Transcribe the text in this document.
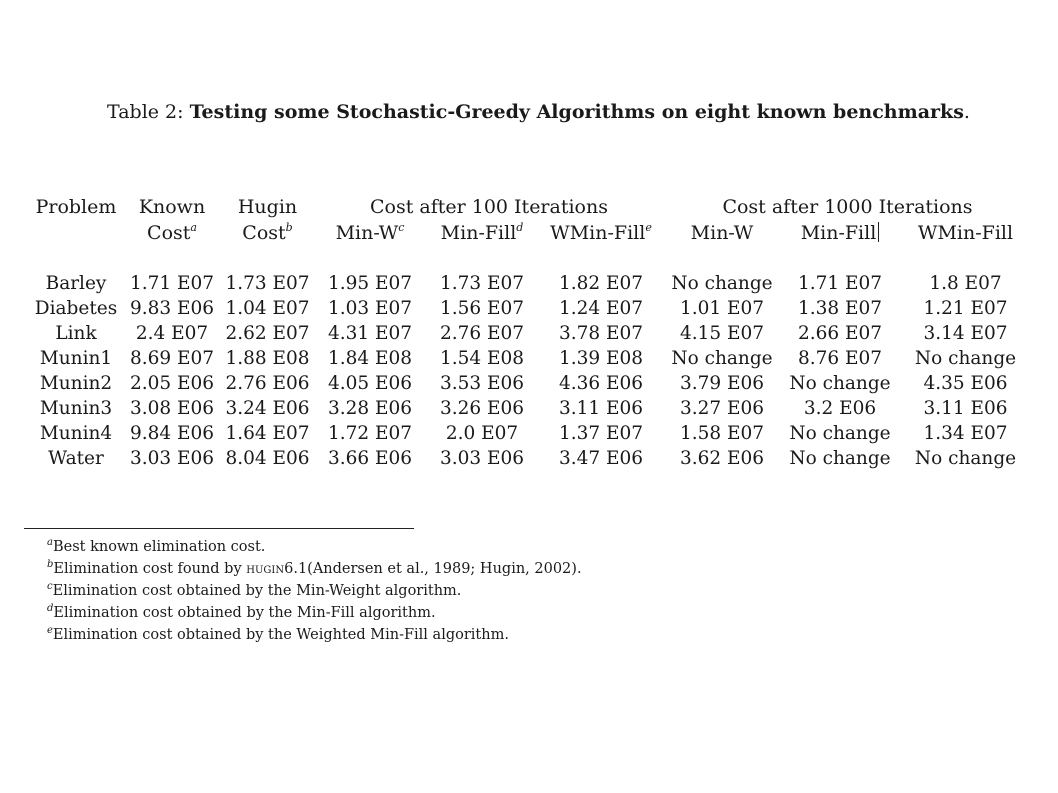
Table 2: Testing some Stochastic-Greedy Algorithms on eight known benchmarks.
Problem	Known	Hugin	Cost after 100 Iterations			Cost after 1000 Iterations		
	Cost$^a$	Cost$^b$	Min-$W^c$	Min-Fill$^d$	WMin-Fill$^e$	Min-W	Min-Fill	WMin-Fill

Barley	1.71 E07	1.73 E07	1.95 E07	1.73 E07	1.82 E07	No change	1.71 E07	1.8 E07
Diabetes	9.83 E06	1.04 E07	1.03 E07	1.56 E07	1.24 E07	1.01 E07	1.38 E07	1.21 E07
Link	2.4 E07	2.62 E07	4.31 E07	2.76 E07	3.78 E07	4.15 E07	2.66 E07	3.14 E07
Munin1	8.69 E07	1.88 E08	1.84 E08	1.54 E08	1.39 E08	No change	8.76 E07	No change
Munin2	2.05 E06	2.76 E06	4.05 E06	3.53 E06	4.36 E06	3.79 E06	No change	4.35 E06
Munin3	3.08 E06	3.24 E06	3.28 E06	3.26 E06	3.11 E06	3.27 E06	3.2 E06	3.11 E06
Munin4	9.84 E06	1.64 E07	1.72 E07	2.0 E07	1.37 E07	1.58 E07	No change	1.34 E07
Water	3.03 E06	8.04 E06	3.66 E06	3.03 E06	3.47 E06	3.62 E06	No change	No change
$^a$Best known elimination cost.
$^b$Elimination cost found by hugin6.1(Andersen et al., 1989; Hugin, 2002).
$^c$Elimination cost obtained by the Min-Weight algorithm.
$^d$Elimination cost obtained by the Min-Fill algorithm.
$^e$Elimination cost obtained by the Weighted Min-Fill algorithm.
